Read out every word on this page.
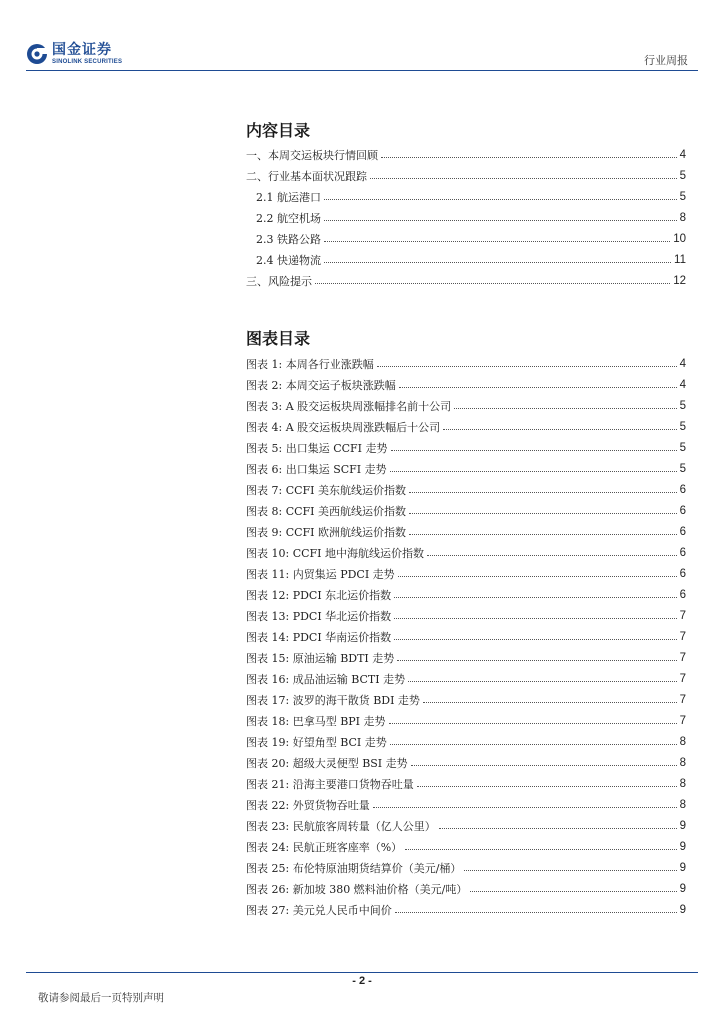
国金证券
SINOLINK SECURITIES	行业周报
内容目录
一、本周交运板块行情回顾	4
二、行业基本面状况跟踪	5
2.1 航运港口	5
2.2 航空机场	8
2.3 铁路公路	10
2.4 快递物流	11
三、风险提示	12
图表目录
图表 1: 本周各行业涨跌幅	4
图表 2: 本周交运子板块涨跌幅	4
图表 3: A 股交运板块周涨幅排名前十公司	5
图表 4: A 股交运板块周涨跌幅后十公司	5
图表 5: 出口集运 CCFI 走势	5
图表 6: 出口集运 SCFI 走势	5
图表 7: CCFI 美东航线运价指数	6
图表 8: CCFI 美西航线运价指数	6
图表 9: CCFI 欧洲航线运价指数	6
图表 10: CCFI 地中海航线运价指数	6
图表 11: 内贸集运 PDCI 走势	6
图表 12: PDCI 东北运价指数	6
图表 13: PDCI 华北运价指数	7
图表 14: PDCI 华南运价指数	7
图表 15: 原油运输 BDTI 走势	7
图表 16: 成品油运输 BCTI 走势	7
图表 17: 波罗的海干散货 BDI 走势	7
图表 18: 巴拿马型 BPI 走势	7
图表 19: 好望角型 BCI 走势	8
图表 20: 超级大灵便型 BSI 走势	8
图表 21: 沿海主要港口货物吞吐量	8
图表 22: 外贸货物吞吐量	8
图表 23: 民航旅客周转量（亿人公里）	9
图表 24: 民航正班客座率（%）	9
图表 25: 布伦特原油期货结算价（美元/桶）	9
图表 26: 新加坡 380 燃料油价格（美元/吨）	9
图表 27: 美元兑人民币中间价	9
- 2 -
敬请参阅最后一页特别声明
